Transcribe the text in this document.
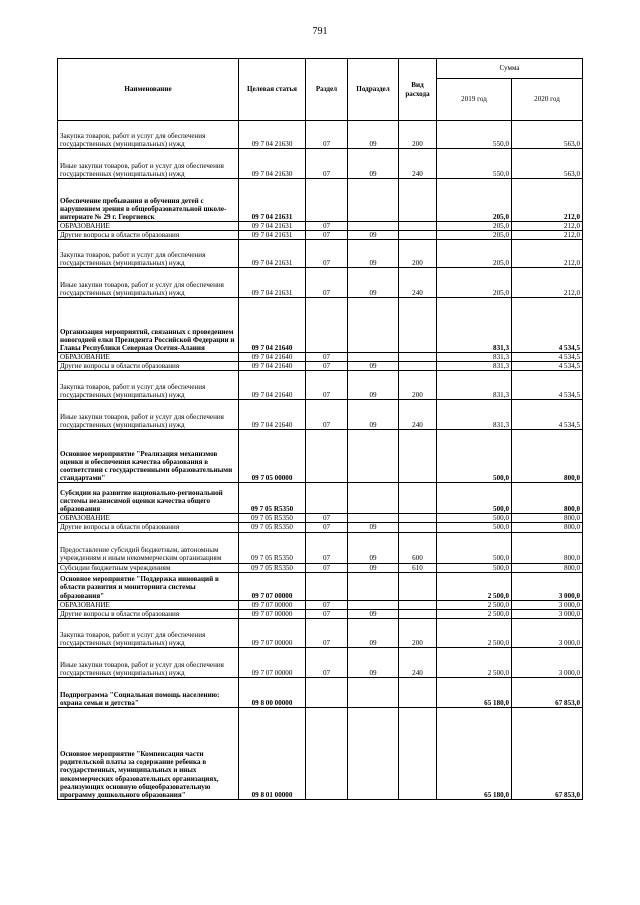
791
Наименование	Целевая статья	Раздел	Подраздел	Вид расхода	Сумма	
					2019 год	2020 год
Закупка товаров, работ и услуг для обеспечения государственных (муниципальных) нужд	09 7 04 21630	07	09	200	550,0	563,0
Иные закупки товаров, работ и услуг для обеспечения государственных (муниципальных) нужд	09 7 04 21630	07	09	240	550,0	563,0
Обеспечение пребывания и обучения детей с нарушением зрения в общеобразовательной школе-интернате № 29 г. Георгиевск	09 7 04 21631				205,0	212,0
ОБРАЗОВАНИЕ	09 7 04 21631	07			205,0	212,0
Другие вопросы в области образования	09 7 04 21631	07	09		205,0	212,0
Закупка товаров, работ и услуг для обеспечения государственных (муниципальных) нужд	09 7 04 21631	07	09	200	205,0	212,0
Иные закупки товаров, работ и услуг для обеспечения государственных (муниципальных) нужд	09 7 04 21631	07	09	240	205,0	212,0
Организация мероприятий, связанных с проведением новогодней елки Президента Российской Федерации и Главы Республики Северная Осетия-Алания	09 7 04 21640				831,3	4 534,5
ОБРАЗОВАНИЕ	09 7 04 21640	07			831,3	4 534,5
Другие вопросы в области образования	09 7 04 21640	07	09		831,3	4 534,5
Закупка товаров, работ и услуг для обеспечения государственных (муниципальных) нужд	09 7 04 21640	07	09	200	831,3	4 534,5
Иные закупки товаров, работ и услуг для обеспечения государственных (муниципальных) нужд	09 7 04 21640	07	09	240	831,3	4 534,5
Основное мероприятие "Реализация механизмов оценки и обеспечения качества образования в соответствии с государственными образовательными стандартами"	09 7 05 00000				500,0	800,0
Субсидии на развитие национально-региональной системы независимой оценки качества общего образования	09 7 05 R5350				500,0	800,0
ОБРАЗОВАНИЕ	09 7 05 R5350	07			500,0	800,0
Другие вопросы в области образования	09 7 05 R5350	07	09		500,0	800,0
Предоставление субсидий бюджетным, автономным учреждениям и иным некоммерческим организациям	09 7 05 R5350	07	09	600	500,0	800,0
Субсидии бюджетным учреждениям	09 7 05 R5350	07	09	610	500,0	800,0
Основное мероприятие "Поддержка инноваций в области развития и мониторинга системы образования"	09 7 07 00000				2 500,0	3 000,0
ОБРАЗОВАНИЕ	09 7 07 00000	07			2 500,0	3 000,0
Другие вопросы в области образования	09 7 07 00000	07	09		2 500,0	3 000,0
Закупка товаров, работ и услуг для обеспечения государственных (муниципальных) нужд	09 7 07 00000	07	09	200	2 500,0	3 000,0
Иные закупки товаров, работ и услуг для обеспечения государственных (муниципальных) нужд	09 7 07 00000	07	09	240	2 500,0	3 000,0
Подпрограмма "Социальная помощь населению: охрана семьи и детства"	09 8 00 00000				65 180,0	67 853,0
Основное мероприятие "Компенсация части родительской платы за содержание ребенка в государственных, муниципальных и иных некоммерческих образовательных организациях, реализующих основную общеобразовательную программу дошкольного образования"	09 8 01 00000				65 180,0	67 853,0
